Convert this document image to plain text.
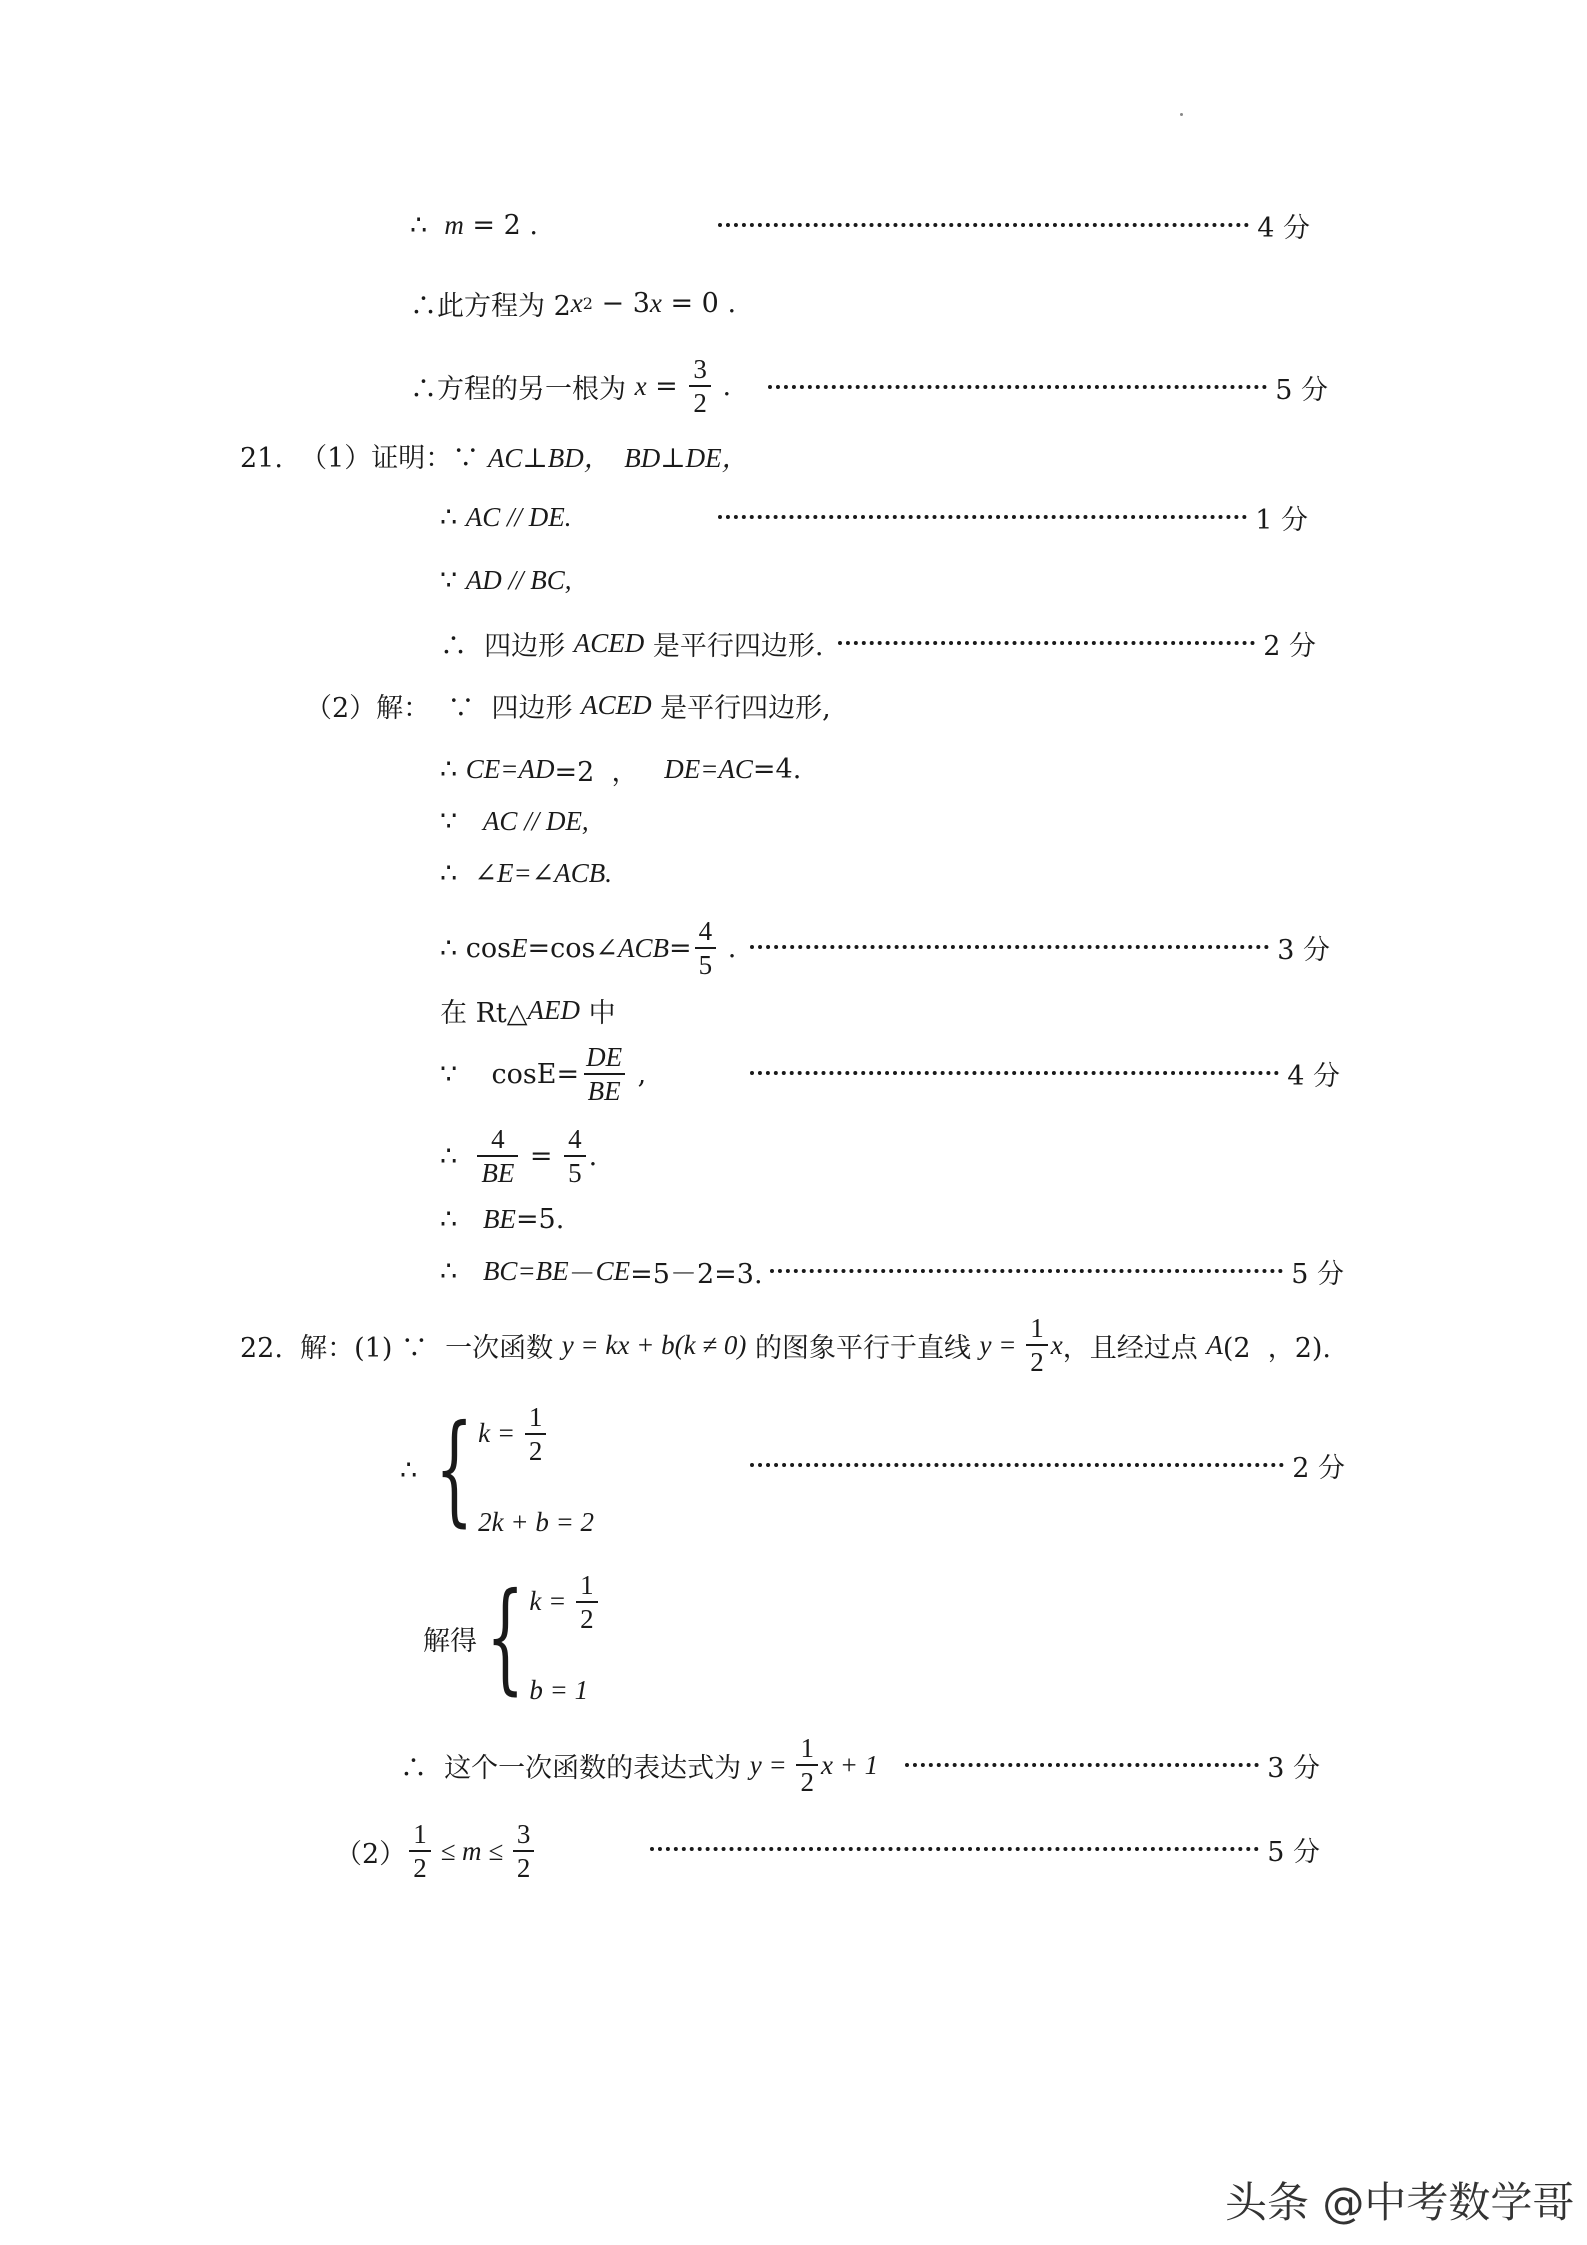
∴ m = 2 .	4 分
∴此方程为 2 x 2 − 3 x = 0 .
∴方程的另一根为 $x = \frac{3}{2}$ .	5 分
21.  （1）证明：∵ AC⊥BD，  BD⊥DE，
∴ AC // DE.	1 分
∵ AD // BC,
∴  四边形 ACED 是平行四边形.	2 分
（2）解：  ∵  四边形 ACED 是平行四边形,
∴ CE=AD =2  ， DE=AC =4.
∵ AC // DE,
∴ ∠E=∠ACB.
∴ cos E =cos∠ ACB = $\frac{4}{5}$ .	3 分
在 Rt△ AED 中
∵    $\cos E= \frac{DE}{BE}$ ,	4 分
∴ $\frac{4}{BE} = \frac{4}{5}$ .
∴ BE =5.
∴ BC=BE － CE =5－2=3.	5 分
22.  解：(1) ∵  一次函数 y = kx + b(k ≠ 0) 的图象平行于直线 $y = \frac{1}{2}$ x ，且经过点 A (2  ，2).
∴ { $k = \frac{1}{2}$
2k + b = 2
2 分
解得 { $k = \frac{1}{2}$
b = 1
∴  这个一次函数的表达式为 $y = \frac{1}{2}$ x + 1	3 分
$(2) \frac{1}{2} \le m \le \frac{3}{2}$	5 分
头条 @中考数学哥
